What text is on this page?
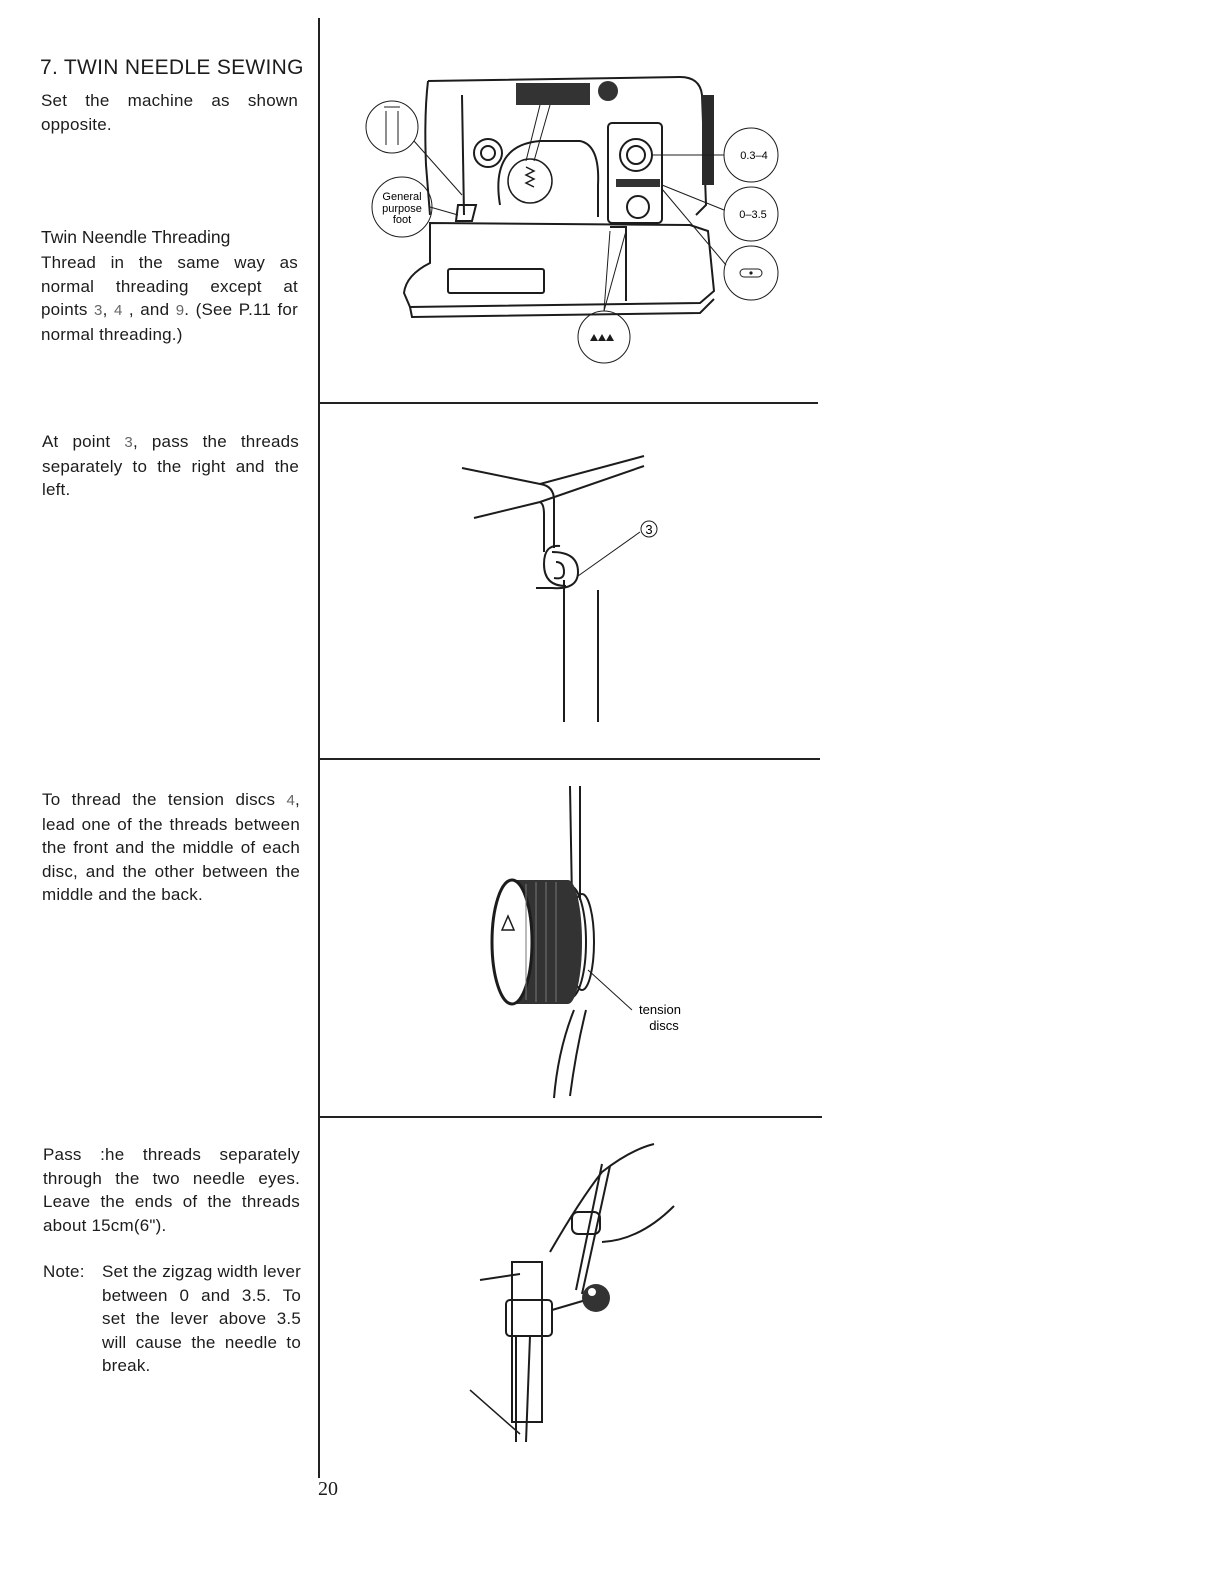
7. TWIN NEEDLE SEWING
Set the machine as shown opposite.
Twin Neendle Threading
Thread in the same way as normal threading except at points 3, 4 , and 9. (See P.11 for normal threading.)
At point 3, pass the threads separately to the right and the left.
To thread the tension discs 4, lead one of the threads between the front and the middle of each disc, and the other between the middle and the back.
Pass :he threads separately through the two needle eyes. Leave the ends of the threads about 15cm(6").
Note: Set the zigzag width lever between 0 and 3.5. To set the lever above 3.5 will cause the needle to break.
General
purpose
foot
0.3–4
0–3.5
3
tension
discs
20
